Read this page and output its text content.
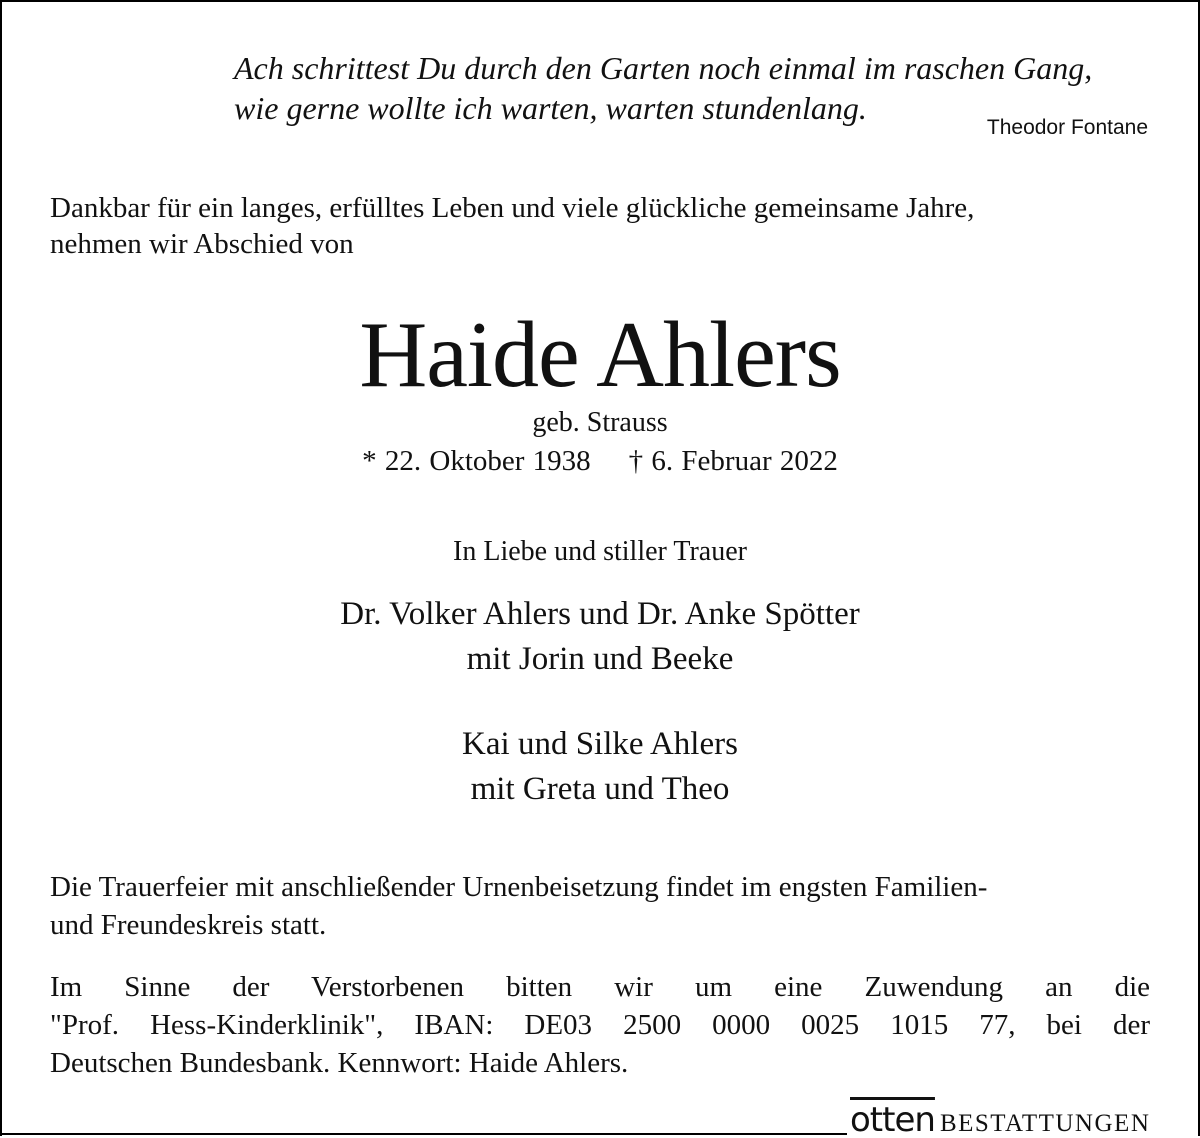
Ach schrittest Du durch den Garten noch einmal im raschen Gang,
wie gerne wollte ich warten, warten stundenlang.
Theodor Fontane
Dankbar für ein langes, erfülltes Leben und viele glückliche gemeinsame Jahre,
nehmen wir Abschied von
Haide Ahlers
geb. Strauss
* 22. Oktober 1938 † 6. Februar 2022
In Liebe und stiller Trauer
Dr. Volker Ahlers und Dr. Anke Spötter
mit Jorin und Beeke
Kai und Silke Ahlers
mit Greta und Theo
Die Trauerfeier mit anschließender Urnenbeisetzung findet im engsten Familien-
und Freundeskreis statt.
Im Sinne der Verstorbenen bitten wir um eine Zuwendung an die
"Prof. Hess-Kinderklinik", IBAN: DE03 2500 0000 0025 1015 77, bei der
Deutschen Bundesbank. Kennwort: Haide Ahlers.
otten BESTATTUNGEN
